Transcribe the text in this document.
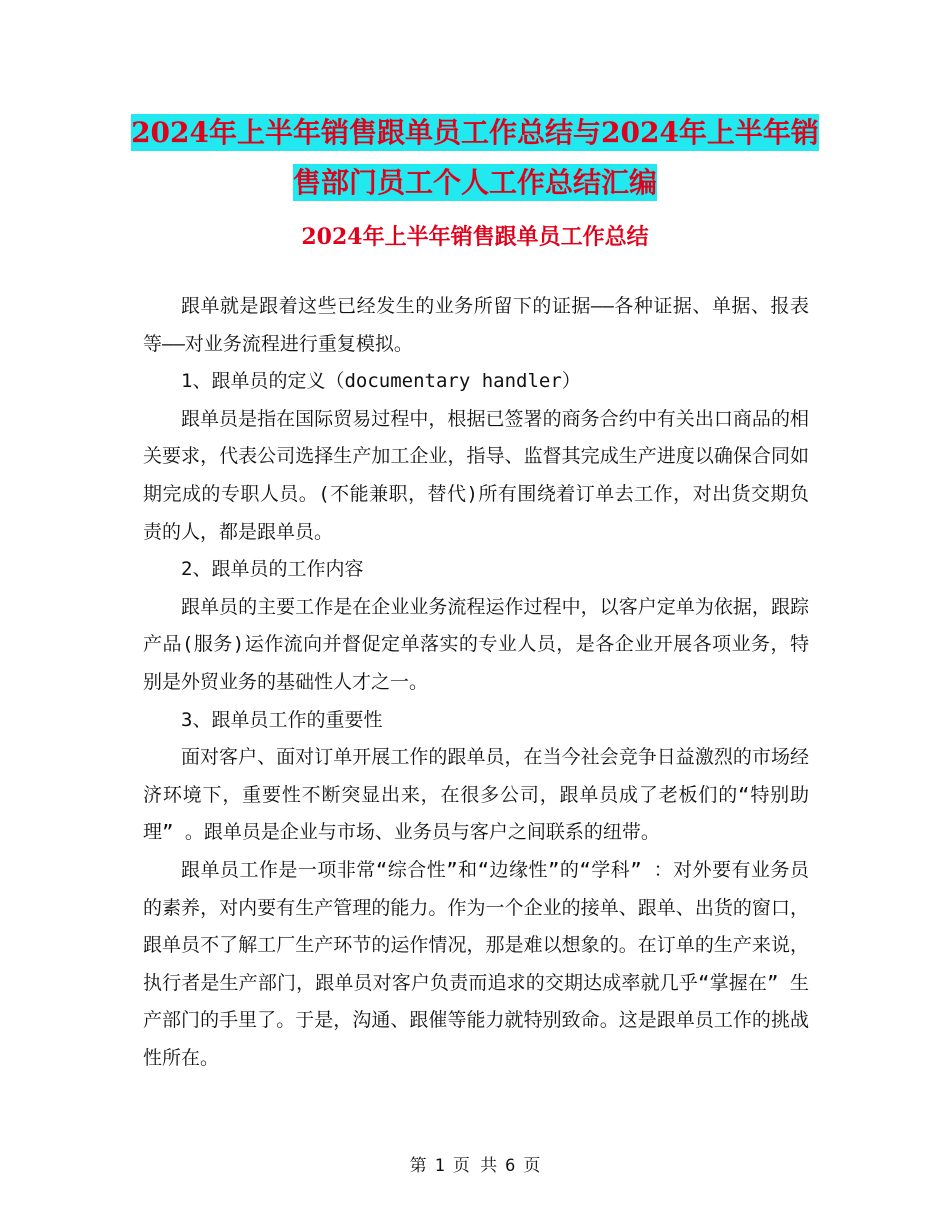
2024年上半年销售跟单员工作总结与2024年上半年销
售部门员工个人工作总结汇编
2024年上半年销售跟单员工作总结

跟单就是跟着这些已经发生的业务所留下的证据——各种证据、单据、报表等——对业务流程进行重复模拟。

1、跟单员的定义（documentary handler）

跟单员是指在国际贸易过程中，根据已签署的商务合约中有关出口商品的相关要求，代表公司选择生产加工企业，指导、监督其完成生产进度以确保合同如期完成的专职人员。(不能兼职，替代)所有围绕着订单去工作，对出货交期负责的人，都是跟单员。

2、跟单员的工作内容

跟单员的主要工作是在企业业务流程运作过程中，以客户定单为依据，跟踪产品(服务)运作流向并督促定单落实的专业人员，是各企业开展各项业务，特别是外贸业务的基础性人才之一。

3、跟单员工作的重要性

面对客户、面对订单开展工作的跟单员，在当今社会竞争日益激烈的市场经济环境下，重要性不断突显出来，在很多公司，跟单员成了老板们的“特别助理” 。跟单员是企业与市场、业务员与客户之间联系的纽带。

跟单员工作是一项非常“综合性”和“边缘性”的“学科” ：对外要有业务员的素养，对内要有生产管理的能力。作为一个企业的接单、跟单、出货的窗口，跟单员不了解工厂生产环节的运作情况，那是难以想象的。在订单的生产来说，执行者是生产部门，跟单员对客户负责而追求的交期达成率就几乎“掌握在” 生产部门的手里了。于是，沟通、跟催等能力就特别致命。这是跟单员工作的挑战性所在。

第 1 页 共 6 页
